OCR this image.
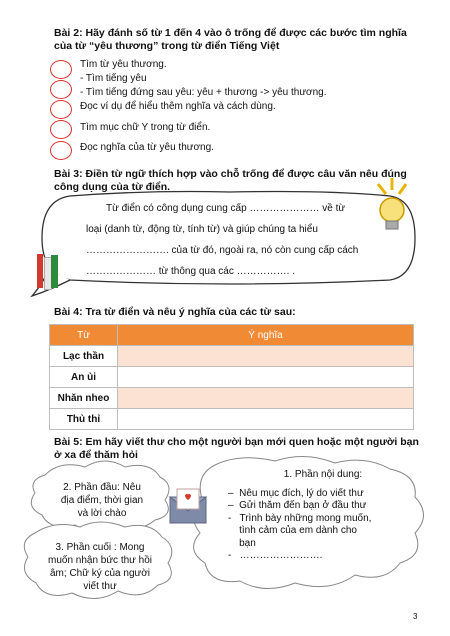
Bài 2: Hãy đánh số từ 1 đến 4 vào ô trống để được các bước tìm nghĩa
của từ “yêu thương” trong từ điển Tiếng Việt
Tìm từ yêu thương.
- Tìm tiếng yêu
- Tìm tiếng đứng sau yêu: yêu + thương -> yêu thương.
Đọc ví dụ để hiểu thêm nghĩa và cách dùng.
Tìm mục chữ Y trong từ điển.
Đọc nghĩa của từ yêu thương.
Bài 3: Điền từ ngữ thích hợp vào chỗ trống để được câu văn nêu đúng
công dụng của từ điển.
Từ điển có công dụng cung cấp ………………… về từ
loại (danh từ, động từ, tính từ) và giúp chúng ta hiểu
……………………. của từ đó, ngoài ra, nó còn cung cấp cách
………………… từ thông qua các ……………. .
Bài 4: Tra từ điển và nêu ý nghĩa của các từ sau:
Từ	Ý nghĩa
Lạc thần	
An ủi	
Nhăn nheo	
Thủ thỉ	
Bài 5: Em hãy viết thư cho một người bạn mới quen hoặc một người bạn
ở xa để thăm hỏi
2. Phần đầu: Nêu
địa điểm, thời gian
và lời chào
3. Phần cuối : Mong
muốn nhận bức thư hồi
âm; Chữ ký của người
viết thư
1. Phần nội dung:
–  Nêu mục đích, lý do viết thư
–  Gửi thăm đến bạn ở đầu thư
-   Trình bày những mong muốn,
tình cảm của em dành cho
bạn
-   …………………….
3
